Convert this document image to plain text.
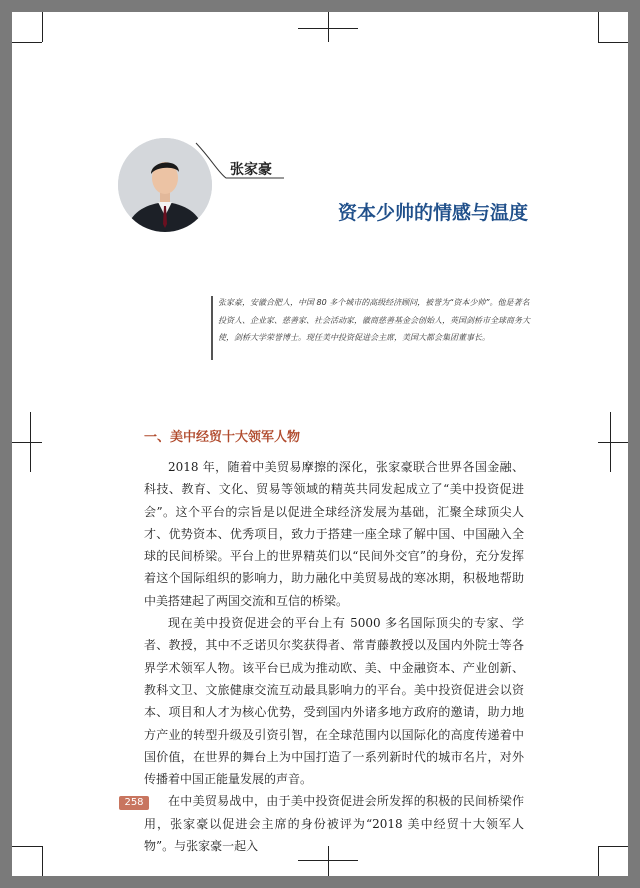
张家豪
资本少帅的情感与温度
张家豪，安徽合肥人，中国 80 多个城市的高级经济顾问，被誉为“资本少帅”。他是著名投资人、企业家、慈善家、社会活动家，徽商慈善基金会创始人，英国剑桥市全球商务大使，剑桥大学荣誉博士。现任美中投资促进会主席，美国大都会集团董事长。
一、美中经贸十大领军人物

2018 年，随着中美贸易摩擦的深化，张家豪联合世界各国金融、科技、教育、文化、贸易等领域的精英共同发起成立了“美中投资促进会”。这个平台的宗旨是以促进全球经济发展为基础，汇聚全球顶尖人才、优势资本、优秀项目，致力于搭建一座全球了解中国、中国融入全球的民间桥梁。平台上的世界精英们以“民间外交官”的身份，充分发挥着这个国际组织的影响力，助力融化中美贸易战的寒冰期，积极地帮助中美搭建起了两国交流和互信的桥梁。

现在美中投资促进会的平台上有 5000 多名国际顶尖的专家、学者、教授，其中不乏诺贝尔奖获得者、常青藤教授以及国内外院士等各界学术领军人物。该平台已成为推动欧、美、中金融资本、产业创新、教科文卫、文旅健康交流互动最具影响力的平台。美中投资促进会以资本、项目和人才为核心优势，受到国内外诸多地方政府的邀请，助力地方产业的转型升级及引资引智，在全球范围内以国际化的高度传递着中国价值，在世界的舞台上为中国打造了一系列新时代的城市名片，对外传播着中国正能量发展的声音。

在中美贸易战中，由于美中投资促进会所发挥的积极的民间桥梁作用，张家豪以促进会主席的身份被评为“2018 美中经贸十大领军人物”。与张家豪一起入

258
